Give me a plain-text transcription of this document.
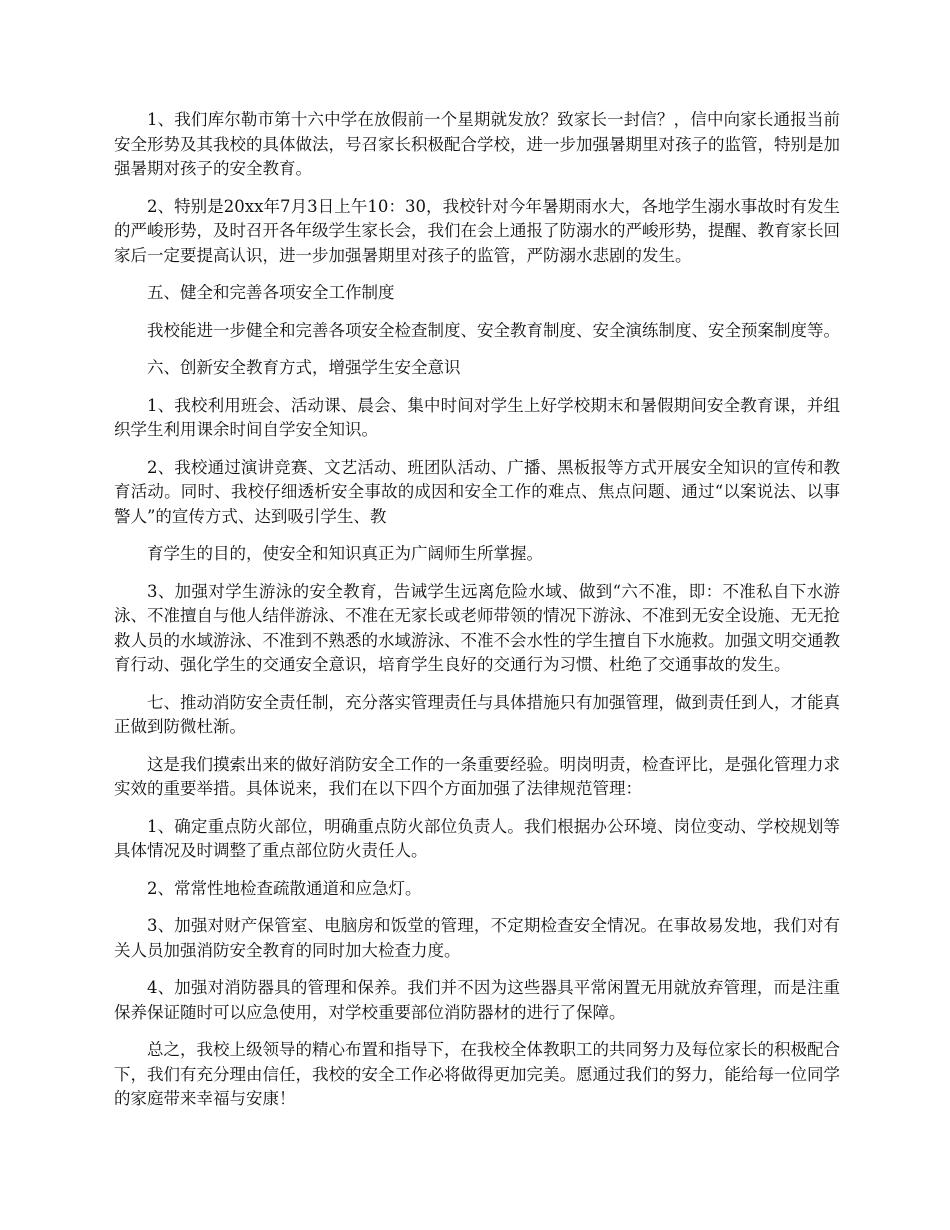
1、我们库尔勒市第十六中学在放假前一个星期就发放？致家长一封信？，信中向家长通报当前安全形势及其我校的具体做法，号召家长积极配合学校，进一步加强暑期里对孩子的监管，特别是加强暑期对孩子的安全教育。

2、特别是20xx年7月3日上午10：30，我校针对今年暑期雨水大，各地学生溺水事故时有发生的严峻形势，及时召开各年级学生家长会，我们在会上通报了防溺水的严峻形势，提醒、教育家长回家后一定要提高认识，进一步加强暑期里对孩子的监管，严防溺水悲剧的发生。

五、健全和完善各项安全工作制度

我校能进一步健全和完善各项安全检查制度、安全教育制度、安全演练制度、安全预案制度等。

六、创新安全教育方式，增强学生安全意识

1、我校利用班会、活动课、晨会、集中时间对学生上好学校期末和暑假期间安全教育课，并组织学生利用课余时间自学安全知识。

2、我校通过演讲竞赛、文艺活动、班团队活动、广播、黑板报等方式开展安全知识的宣传和教育活动。同时、我校仔细透析安全事故的成因和安全工作的难点、焦点问题、通过“以案说法、以事警人”的宣传方式、达到吸引学生、教

育学生的目的，使安全和知识真正为广阔师生所掌握。

3、加强对学生游泳的安全教育，告诫学生远离危险水域、做到“六不准，即：不准私自下水游泳、不准擅自与他人结伴游泳、不准在无家长或老师带领的情况下游泳、不准到无安全设施、无无抢救人员的水域游泳、不准到不熟悉的水域游泳、不准不会水性的学生擅自下水施救。加强文明交通教育行动、强化学生的交通安全意识，培育学生良好的交通行为习惯、杜绝了交通事故的发生。

七、推动消防安全责任制，充分落实管理责任与具体措施只有加强管理，做到责任到人，才能真正做到防微杜渐。

这是我们摸索出来的做好消防安全工作的一条重要经验。明岗明责，检查评比，是强化管理力求实效的重要举措。具体说来，我们在以下四个方面加强了法律规范管理：

1、确定重点防火部位，明确重点防火部位负责人。我们根据办公环境、岗位变动、学校规划等具体情况及时调整了重点部位防火责任人。

2、常常性地检查疏散通道和应急灯。

3、加强对财产保管室、电脑房和饭堂的管理，不定期检查安全情况。在事故易发地，我们对有关人员加强消防安全教育的同时加大检查力度。

4、加强对消防器具的管理和保养。我们并不因为这些器具平常闲置无用就放弃管理，而是注重保养保证随时可以应急使用，对学校重要部位消防器材的进行了保障。

总之，我校上级领导的精心布置和指导下，在我校全体教职工的共同努力及每位家长的积极配合下，我们有充分理由信任，我校的安全工作必将做得更加完美。愿通过我们的努力，能给每一位同学的家庭带来幸福与安康！
